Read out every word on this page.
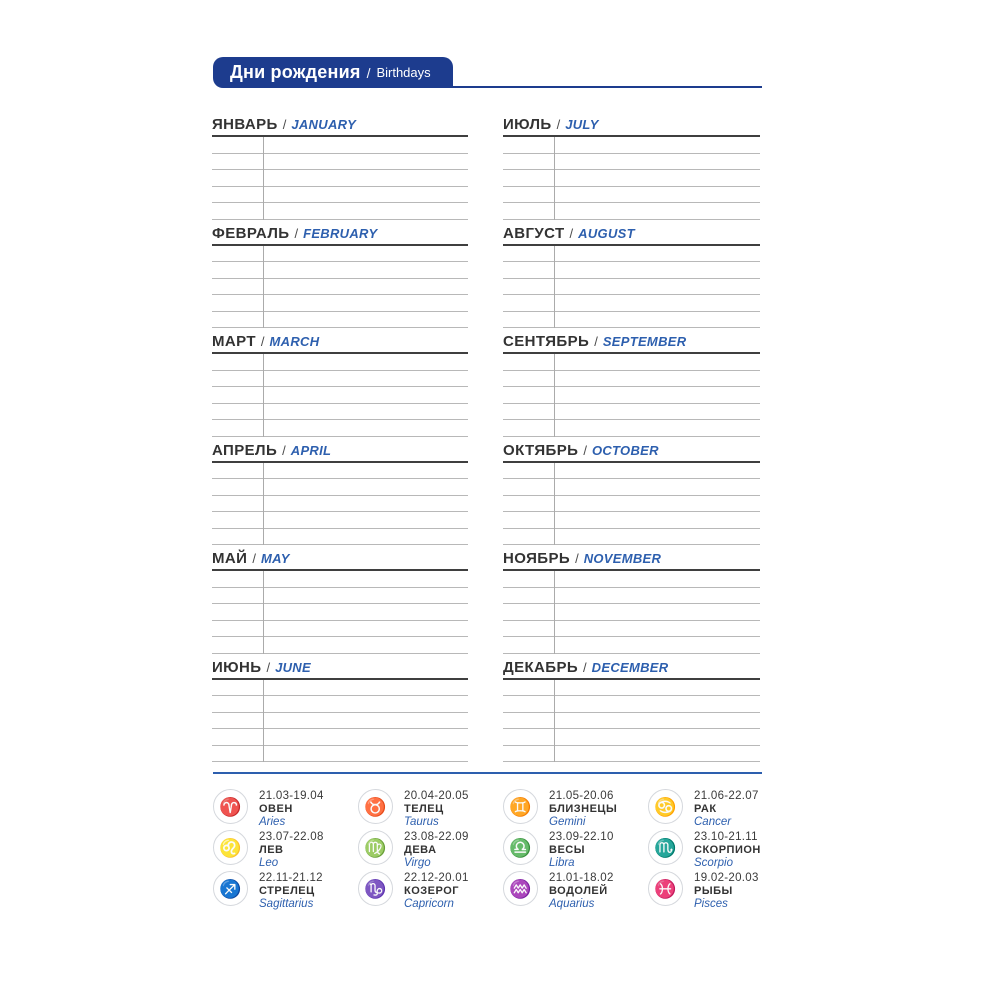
Дни рождения / Birthdays
ЯНВАРЬ / JANUARY
ФЕВРАЛЬ / FEBRUARY
МАРТ / MARCH
АПРЕЛЬ / APRIL
МАЙ / MAY
ИЮНЬ / JUNE
ИЮЛЬ / JULY
АВГУСТ / AUGUST
СЕНТЯБРЬ / SEPTEMBER
ОКТЯБРЬ / OCTOBER
НОЯБРЬ / NOVEMBER
ДЕКАБРЬ / DECEMBER
♈
21.03-19.04
ОВЕН
Aries
♉
20.04-20.05
ТЕЛЕЦ
Taurus
♊
21.05-20.06
БЛИЗНЕЦЫ
Gemini
♋
21.06-22.07
РАК
Cancer
♌
23.07-22.08
ЛЕВ
Leo
♍
23.08-22.09
ДЕВА
Virgo
♎
23.09-22.10
ВЕСЫ
Libra
♏
23.10-21.11
СКОРПИОН
Scorpio
♐
22.11-21.12
СТРЕЛЕЦ
Sagittarius
♑
22.12-20.01
КОЗЕРОГ
Capricorn
♒
21.01-18.02
ВОДОЛЕЙ
Aquarius
♓
19.02-20.03
РЫБЫ
Pisces
